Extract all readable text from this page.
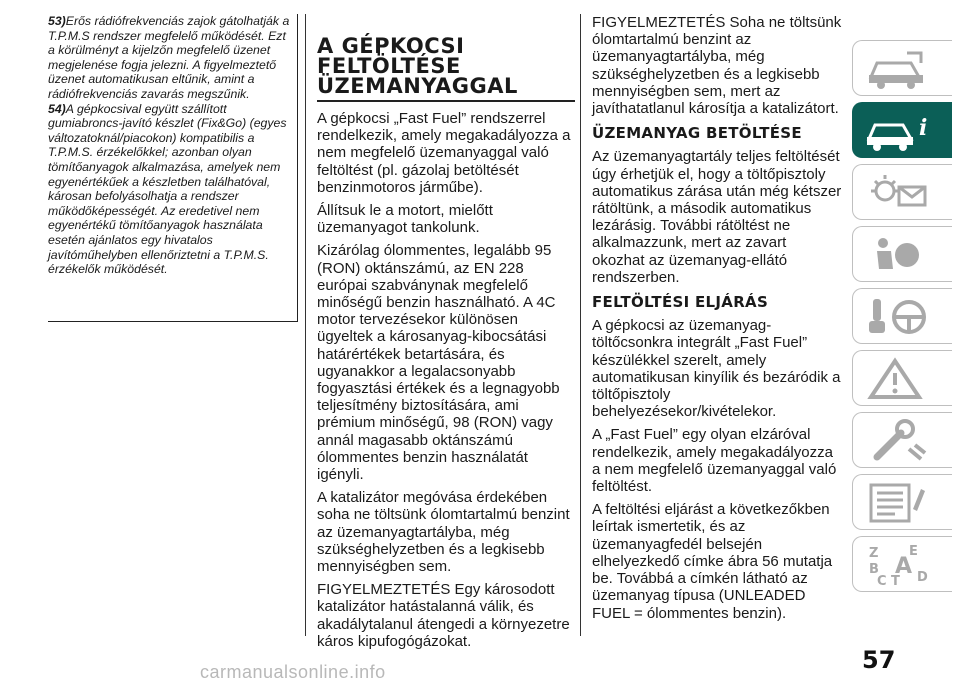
53)Erős rádiófrekvenciás zajok gátolhatják a T.P.M.S rendszer megfelelő működését. Ezt a körülményt a kijelzőn megfelelő üzenet megjelenése fogja jelezni. A figyelmeztető üzenet automatikusan eltűnik, amint a rádiófrekvenciás zavarás megszűnik.

54)A gépkocsival együtt szállított gumiabroncs-javító készlet (Fix&Go) (egyes változatoknál/piacokon) kompatibilis a T.P.M.S. érzékelőkkel; azonban olyan tömítőanyagok alkalmazása, amelyek nem egyenértékűek a készletben találhatóval, károsan befolyásolhatja a rendszer működőképességét. Az eredetivel nem egyenértékű tömítőanyagok használata esetén ajánlatos egy hivatalos javítóműhelyben ellenőriztetni a T.P.M.S. érzékelők működését.

A GÉPKOCSI FELTÖLTÉSE ÜZEMANYAGGAL

A gépkocsi „Fast Fuel” rendszerrel rendelkezik, amely megakadályozza a nem megfelelő üzemanyaggal való feltöltést (pl. gázolaj betöltését benzinmotoros járműbe).

Állítsuk le a motort, mielőtt üzemanyagot tankolunk.

Kizárólag ólommentes, legalább 95 (RON) oktánszámú, az EN 228 európai szabványnak megfelelő minőségű benzin használható. A 4C motor tervezésekor különösen ügyeltek a károsanyag-kibocsátási határértékek betartására, és ugyanakkor a legalacsonyabb fogyasztási értékek és a legnagyobb teljesítmény biztosítására, ami prémium minőségű, 98 (RON) vagy annál magasabb oktánszámú ólommentes benzin használatát igényli.

A katalizátor megóvása érdekében soha ne töltsünk ólomtartalmú benzint az üzemanyagtartályba, még szükséghelyzetben és a legkisebb mennyiségben sem.

FIGYELMEZTETÉS Egy károsodott katalizátor hatástalanná válik, és akadálytalanul átengedi a környezetre káros kipufogógázokat.

FIGYELMEZTETÉS Soha ne töltsünk ólomtartalmú benzint az üzemanyagtartályba, még szükséghelyzetben és a legkisebb mennyiségben sem, mert az javíthatatlanul károsítja a katalizátort.

ÜZEMANYAG BETÖLTÉSE

Az üzemanyagtartály teljes feltöltését úgy érhetjük el, hogy a töltőpisztoly automatikus zárása után még kétszer rátöltünk, a második automatikus lezárásig. További rátöltést ne alkalmazzunk, mert az zavart okozhat az üzemanyag-ellátó rendszerben.

FELTÖLTÉSI ELJÁRÁS

A gépkocsi az üzemanyag-töltőcsonkra integrált „Fast Fuel” készülékkel szerelt, amely automatikusan kinyílik és bezáródik a töltőpisztoly behelyezésekor/kivételekor.

A „Fast Fuel” egy olyan elzáróval rendelkezik, amely megakadályozza a nem megfelelő üzemanyaggal való feltöltést.

A feltöltési eljárást a következőkben leírtak ismertetik, és az üzemanyagfedél belsején elhelyezkedő címke ábra 56 mutatja be. Továbbá a címkén látható az üzemanyag típusa (UNLEADED FUEL = ólommentes benzin).

i
Z E
B A
C T D
57
carmanualsonline.info
